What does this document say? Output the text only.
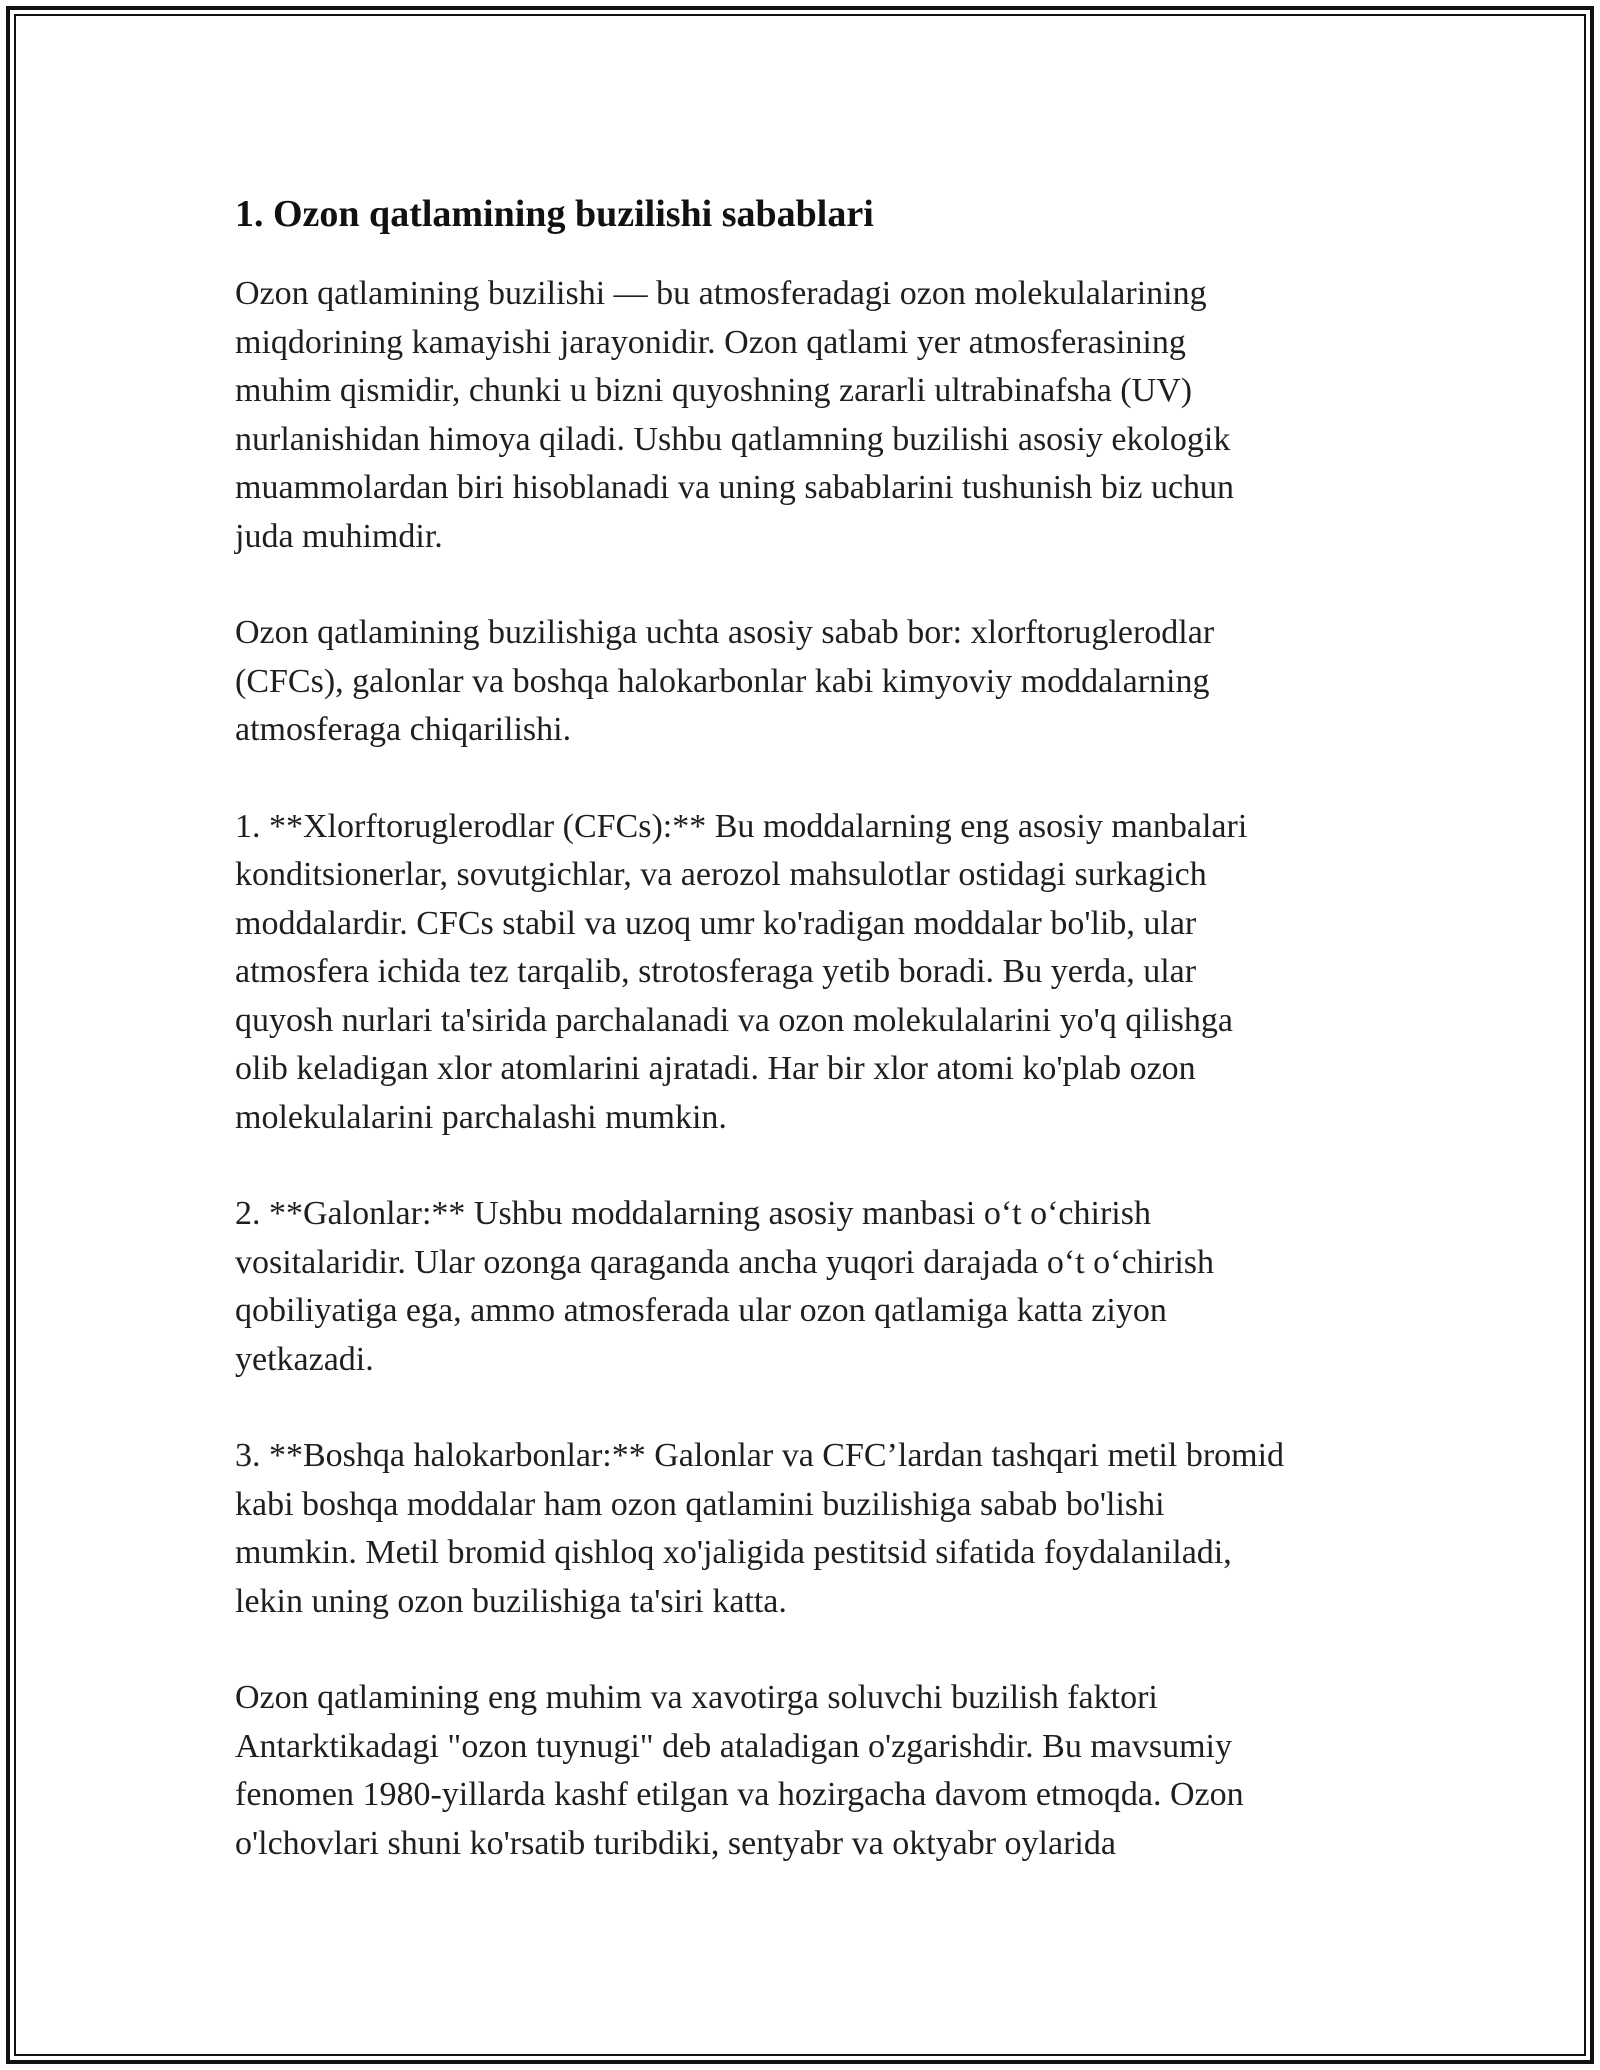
1. Ozon qatlamining buzilishi sabablari

Ozon qatlamining buzilishi — bu atmosferadagi ozon molekulalarining
miqdorining kamayishi jarayonidir. Ozon qatlami yer atmosferasining
muhim qismidir, chunki u bizni quyoshning zararli ultrabinafsha (UV)
nurlanishidan himoya qiladi. Ushbu qatlamning buzilishi asosiy ekologik
muammolardan biri hisoblanadi va uning sabablarini tushunish biz uchun
juda muhimdir.

Ozon qatlamining buzilishiga uchta asosiy sabab bor: xlorftoruglerodlar
(CFCs), galonlar va boshqa halokarbonlar kabi kimyoviy moddalarning
atmosferaga chiqarilishi.

1. **Xlorftoruglerodlar (CFCs):** Bu moddalarning eng asosiy manbalari
konditsionerlar, sovutgichlar, va aerozol mahsulotlar ostidagi surkagich
moddalardir. CFCs stabil va uzoq umr ko'radigan moddalar bo'lib, ular
atmosfera ichida tez tarqalib, strotosferaga yetib boradi. Bu yerda, ular
quyosh nurlari ta'sirida parchalanadi va ozon molekulalarini yo'q qilishga
olib keladigan xlor atomlarini ajratadi. Har bir xlor atomi ko'plab ozon
molekulalarini parchalashi mumkin.

2. **Galonlar:** Ushbu moddalarning asosiy manbasi o‘t o‘chirish
vositalaridir. Ular ozonga qaraganda ancha yuqori darajada o‘t o‘chirish
qobiliyatiga ega, ammo atmosferada ular ozon qatlamiga katta ziyon
yetkazadi.

3. **Boshqa halokarbonlar:** Galonlar va CFC’lardan tashqari metil bromid
kabi boshqa moddalar ham ozon qatlamini buzilishiga sabab bo'lishi
mumkin. Metil bromid qishloq xo'jaligida pestitsid sifatida foydalaniladi,
lekin uning ozon buzilishiga ta'siri katta.

Ozon qatlamining eng muhim va xavotirga soluvchi buzilish faktori
Antarktikadagi "ozon tuynugi" deb ataladigan o'zgarishdir. Bu mavsumiy
fenomen 1980-yillarda kashf etilgan va hozirgacha davom etmoqda. Ozon
o'lchovlari shuni ko'rsatib turibdiki, sentyabr va oktyabr oylarida
